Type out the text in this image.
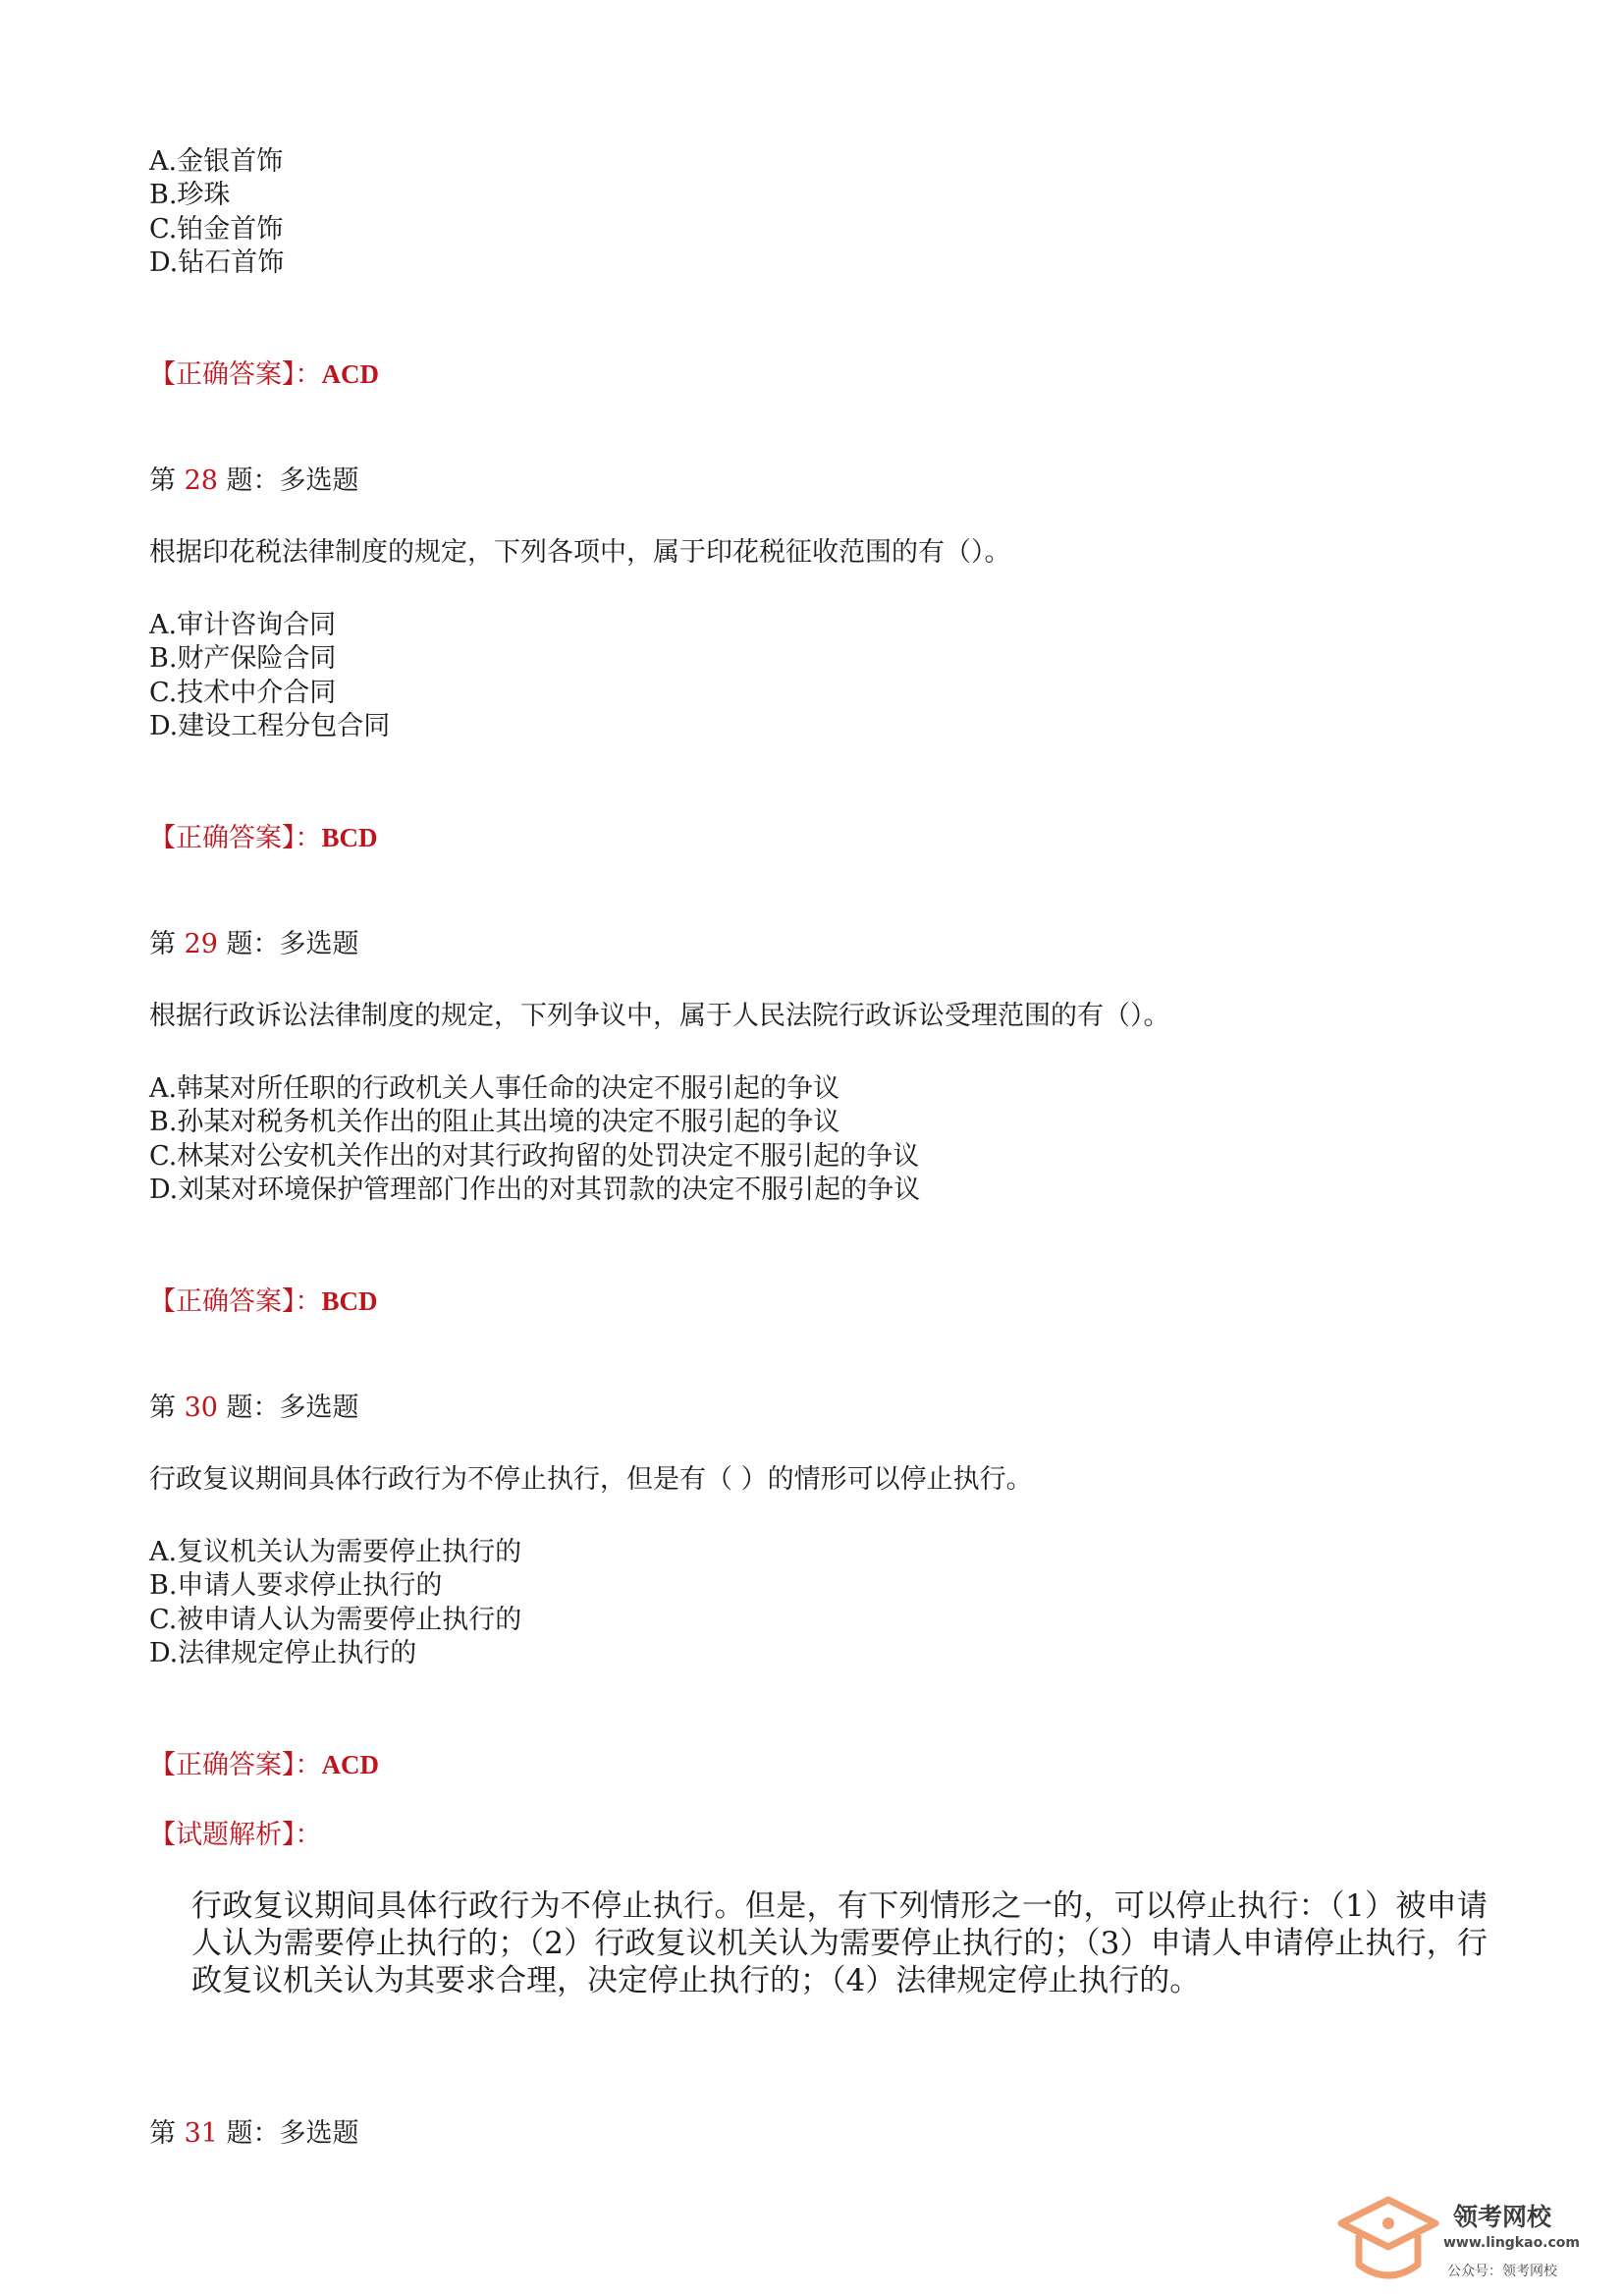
A.金银首饰
B.珍珠
C.铂金首饰
D.钻石首饰
【正确答案】：ACD
第 28 题：多选题
根据印花税法律制度的规定，下列各项中，属于印花税征收范围的有（）。
A.审计咨询合同
B.财产保险合同
C.技术中介合同
D.建设工程分包合同
【正确答案】：BCD
第 29 题：多选题
根据行政诉讼法律制度的规定，下列争议中，属于人民法院行政诉讼受理范围的有（）。
A.韩某对所任职的行政机关人事任命的决定不服引起的争议
B.孙某对税务机关作出的阻止其出境的决定不服引起的争议
C.林某对公安机关作出的对其行政拘留的处罚决定不服引起的争议
D.刘某对环境保护管理部门作出的对其罚款的决定不服引起的争议
【正确答案】：BCD
第 30 题：多选题
行政复议期间具体行政行为不停止执行，但是有（ ）的情形可以停止执行。
A.复议机关认为需要停止执行的
B.申请人要求停止执行的
C.被申请人认为需要停止执行的
D.法律规定停止执行的
【正确答案】：ACD
【试题解析】：

行政复议期间具体行政行为不停止执行。但是，有下列情形之一的，可以停止执行：（1）被申请人认为需要停止执行的；（2）行政复议机关认为需要停止执行的；（3）申请人申请停止执行，行政复议机关认为其要求合理，决定停止执行的；（4）法律规定停止执行的。

第 31 题：多选题
领考网校
www.lingkao.com
公众号：领考网校
